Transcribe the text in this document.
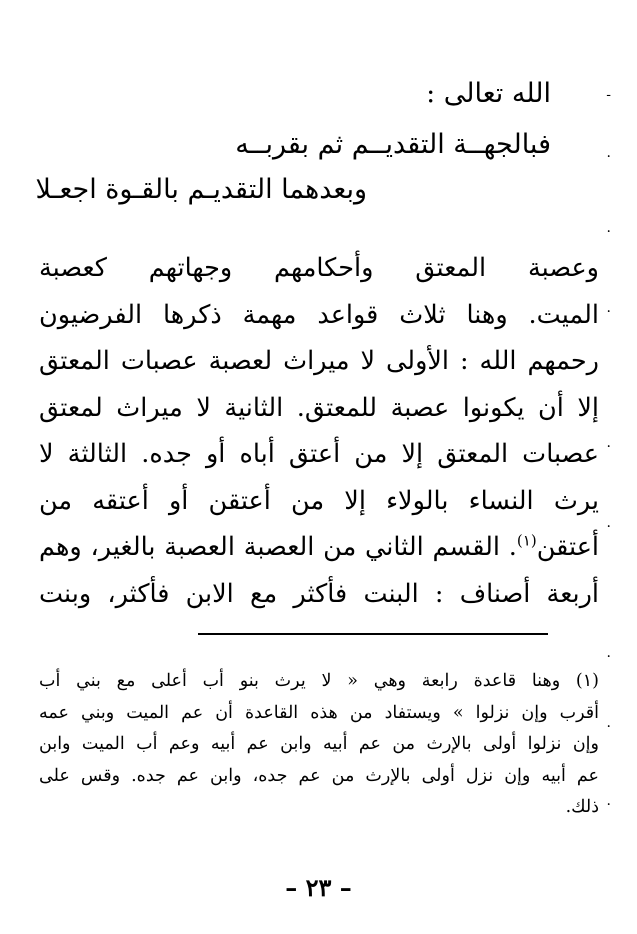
الله تعالى :
فبالجهــة التقديــم ثم بقربــه
وبعدهما التقديـم بالقـوة اجعـلا
وعصبة المعتق وأحكامهم وجهاتهم كعصبة
الميت. وهنا ثلاث قواعد مهمة ذكرها الفرضيون
رحمهم الله : الأولى لا ميراث لعصبة عصبات المعتق
إلا أن يكونوا عصبة للمعتق. الثانية لا ميراث لمعتق
عصبات المعتق إلا من أعتق أباه أو جده. الثالثة لا
يرث النساء بالولاء إلا من أعتقن أو أعتقه من
أعتقن$^{(١)}$. القسم الثاني من العصبة العصبة بالغير، وهم
أربعة أصناف : البنت فأكثر مع الابن فأكثر، وبنت
(١) وهنا قاعدة رابعة وهي « لا يرث بنو أب أعلى مع بني أب
أقرب وإن نزلوا » ويستفاد من هذه القاعدة أن عم الميت وبني عمه
وإن نزلوا أولى بالإرث من عم أبيه وابن عم أبيه وعم أب الميت وابن
عم أبيه وإن نزل أولى بالإرث من عم جده، وابن عم جده. وقس على
ذلك.
– ٢٣ –
-
·
·
·
·
·
·
·
·
